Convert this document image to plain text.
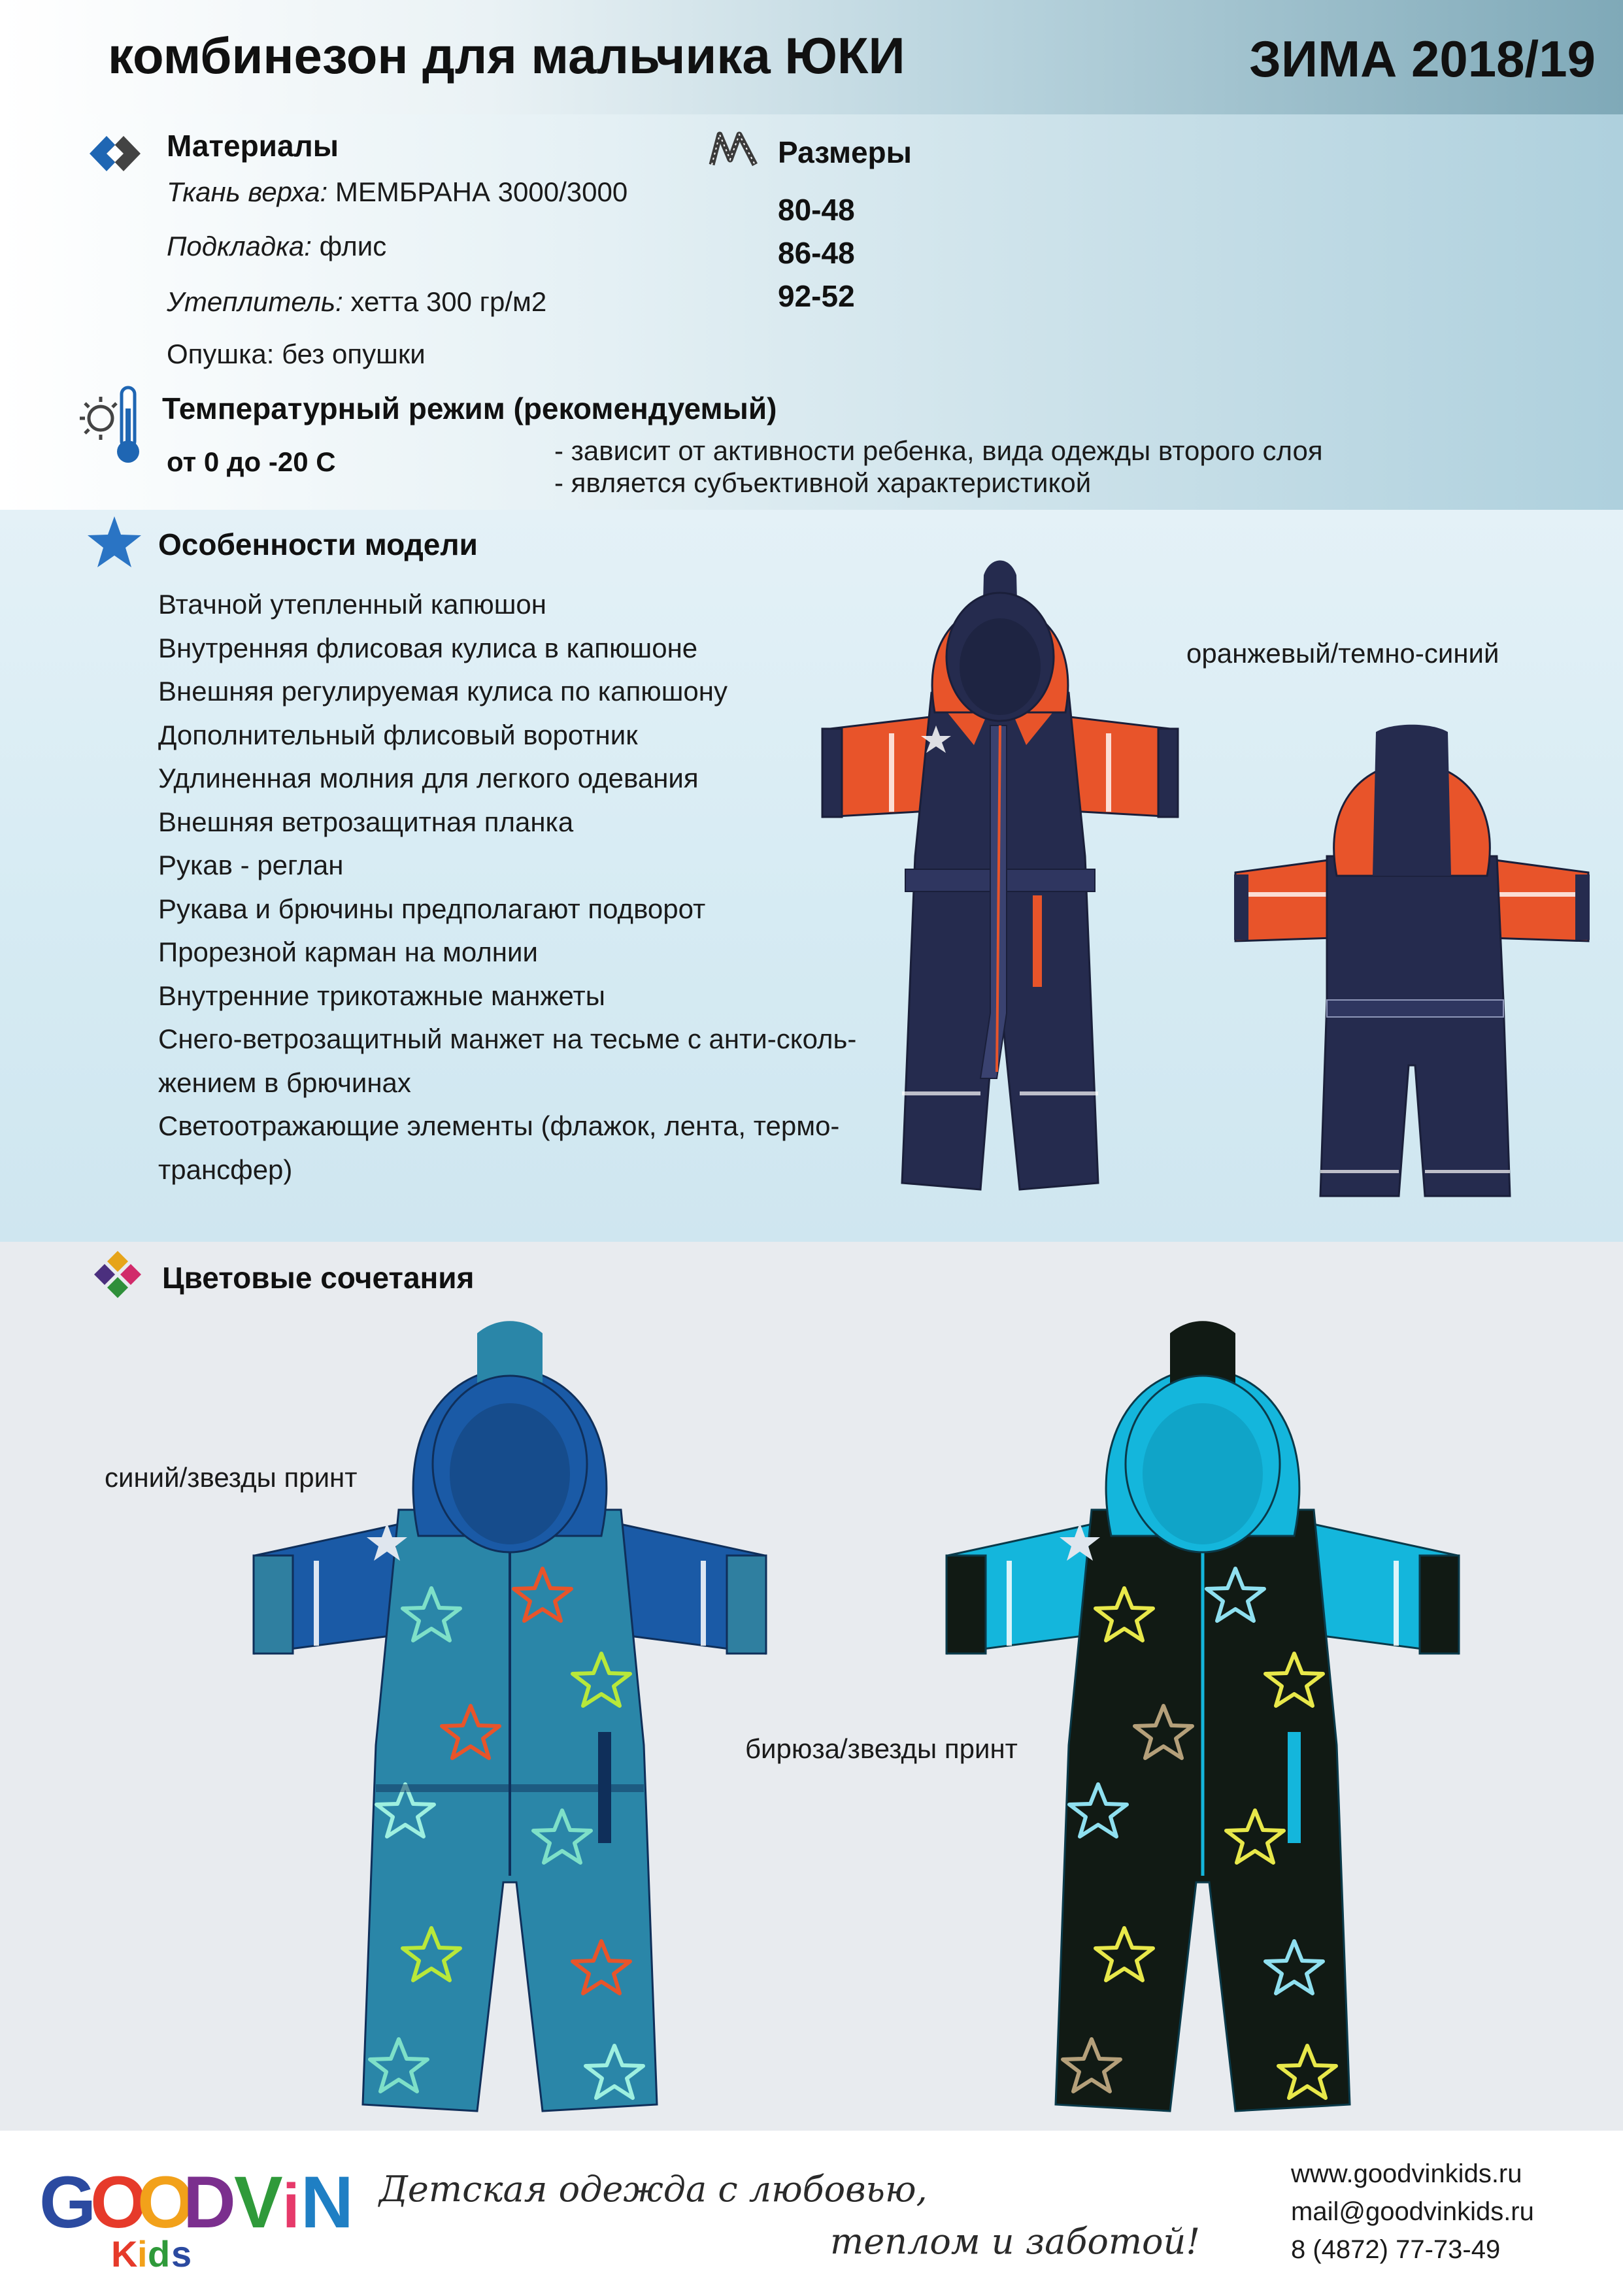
комбинезон для мальчика ЮКИ	ЗИМА 2018/19
Материалы
Ткань верха: МЕМБРАНА 3000/3000
Подкладка: флис
Утеплитель: хетта 300 гр/м2
Опушка: без опушки
Размеры
80-48
86-48
92-52
Температурный режим (рекомендуемый)
от 0 до -20 С	- зависит от активности ребенка, вида одежды второго слоя
- является субъективной характеристикой
Особенности модели
Втачной утепленный капюшон
Внутренняя флисовая кулиса в капюшоне
Внешняя регулируемая кулиса по капюшону
Дополнительный флисовый воротник
Удлиненная молния для легкого одевания
Внешняя ветрозащитная планка
Рукав - реглан
Рукава и брючины предполагают подворот
Прорезной карман на молнии
Внутренние трикотажные манжеты
Снего-ветрозащитный манжет на тесьме с анти-сколь-
жением в брючинах
Светоотражающие элементы (флажок, лента, термо-
трансфер)
оранжевый/темно-синий
Цветовые сочетания
синий/звезды принт
бирюза/звезды принт
G
O
O
D
V i N
K i d s
Детская одежда с любовью,
теплом и заботой!
www.goodvinkids.ru
mail@goodvinkids.ru
8 (4872) 77-73-49
